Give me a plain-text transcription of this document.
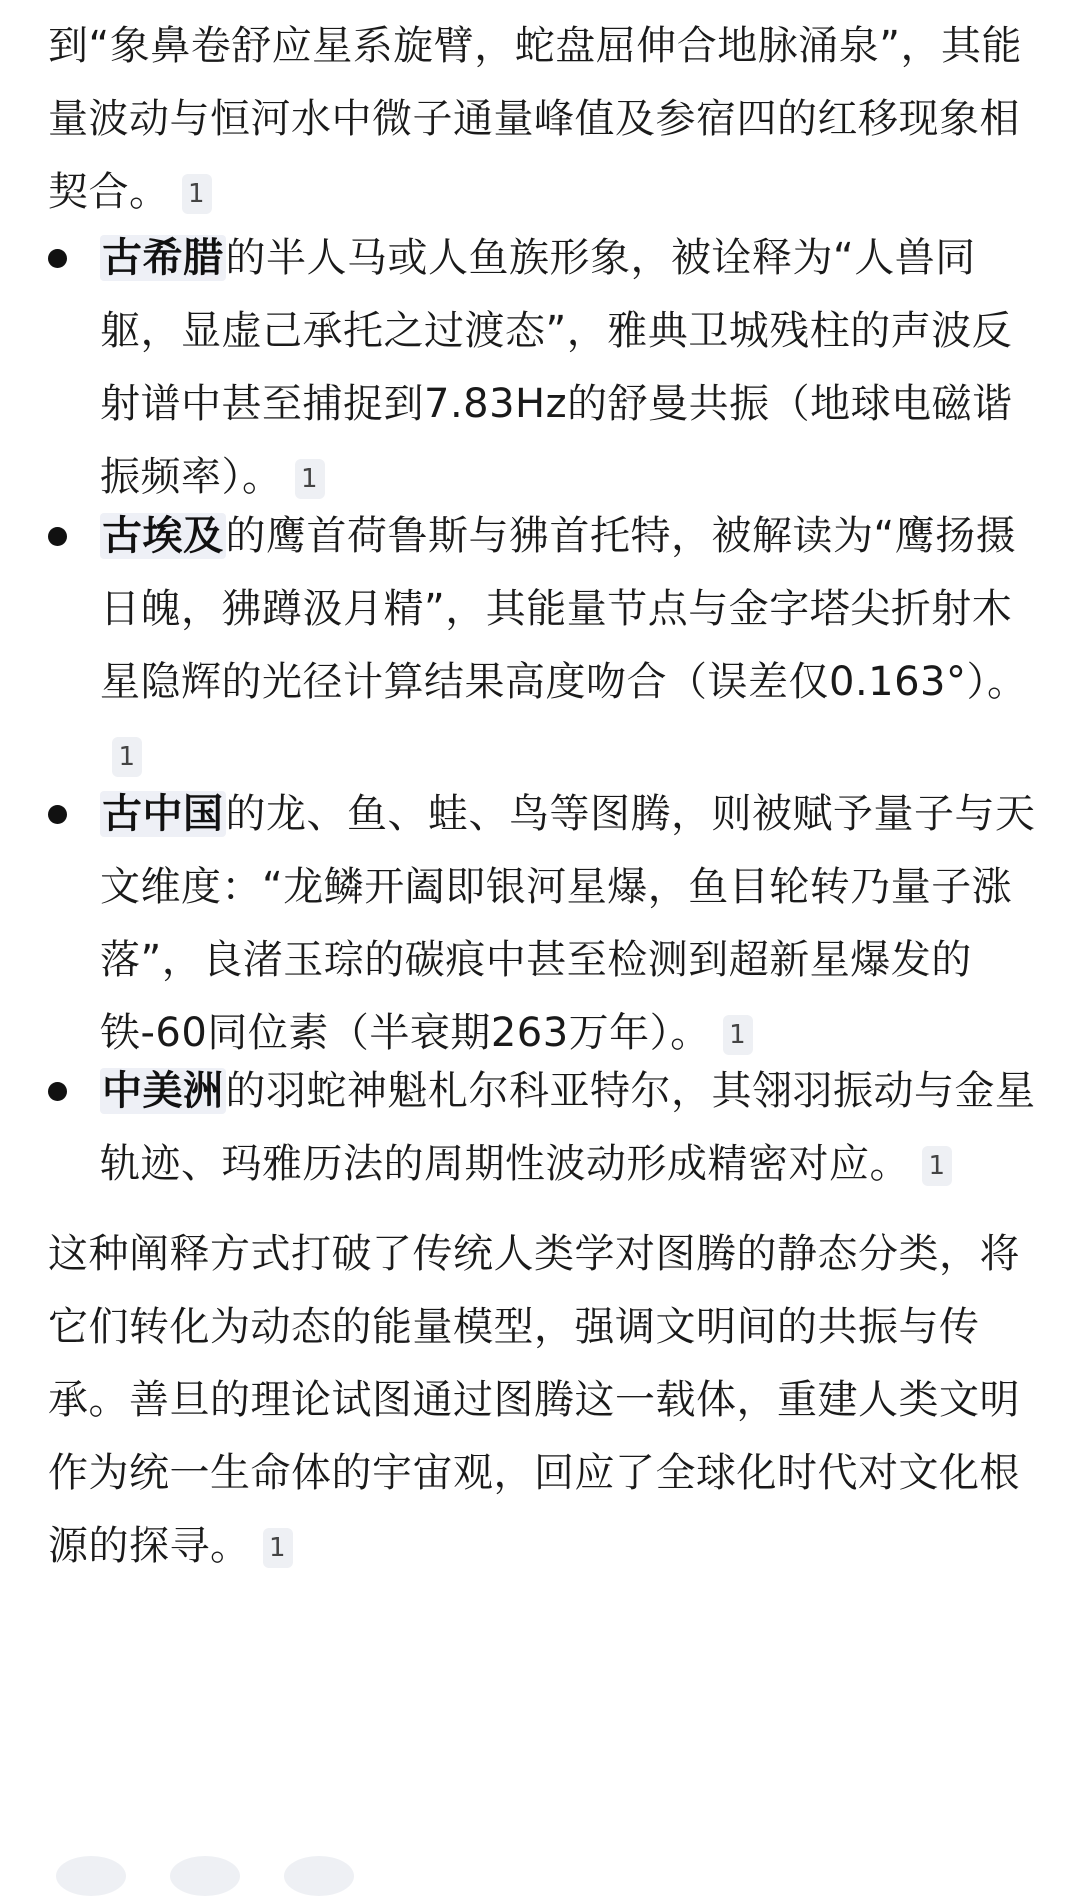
到“象鼻卷舒应星系旋臂，蛇盘屈伸合地脉涌泉”，其能量波动与恒河水中微子通量峰值及参宿四的红移现象相契合。 1
古希腊的半人马或人鱼族形象，被诠释为“人兽同躯，显虚己承托之过渡态”，雅典卫城残柱的声波反射谱中甚至捕捉到7.83Hz的舒曼共振（地球电磁谐振频率）。 1
古埃及的鹰首荷鲁斯与狒首托特，被解读为“鹰扬摄日魄，狒蹲汲月精”，其能量节点与金字塔尖折射木星隐辉的光径计算结果高度吻合（误差仅0.163°）。1
古中国的龙、鱼、蛙、鸟等图腾，则被赋予量子与天文维度：“龙鳞开阖即银河星爆，鱼目轮转乃量子涨落”，良渚玉琮的碳痕中甚至检测到超新星爆发的铁-60同位素（半衰期263万年）。 1
中美洲的羽蛇神魁札尔科亚特尔，其翎羽振动与金星轨迹、玛雅历法的周期性波动形成精密对应。 1
这种阐释方式打破了传统人类学对图腾的静态分类，将它们转化为动态的能量模型，强调文明间的共振与传承。善旦的理论试图通过图腾这一载体，重建人类文明作为统一生命体的宇宙观，回应了全球化时代对文化根源的探寻。 1
